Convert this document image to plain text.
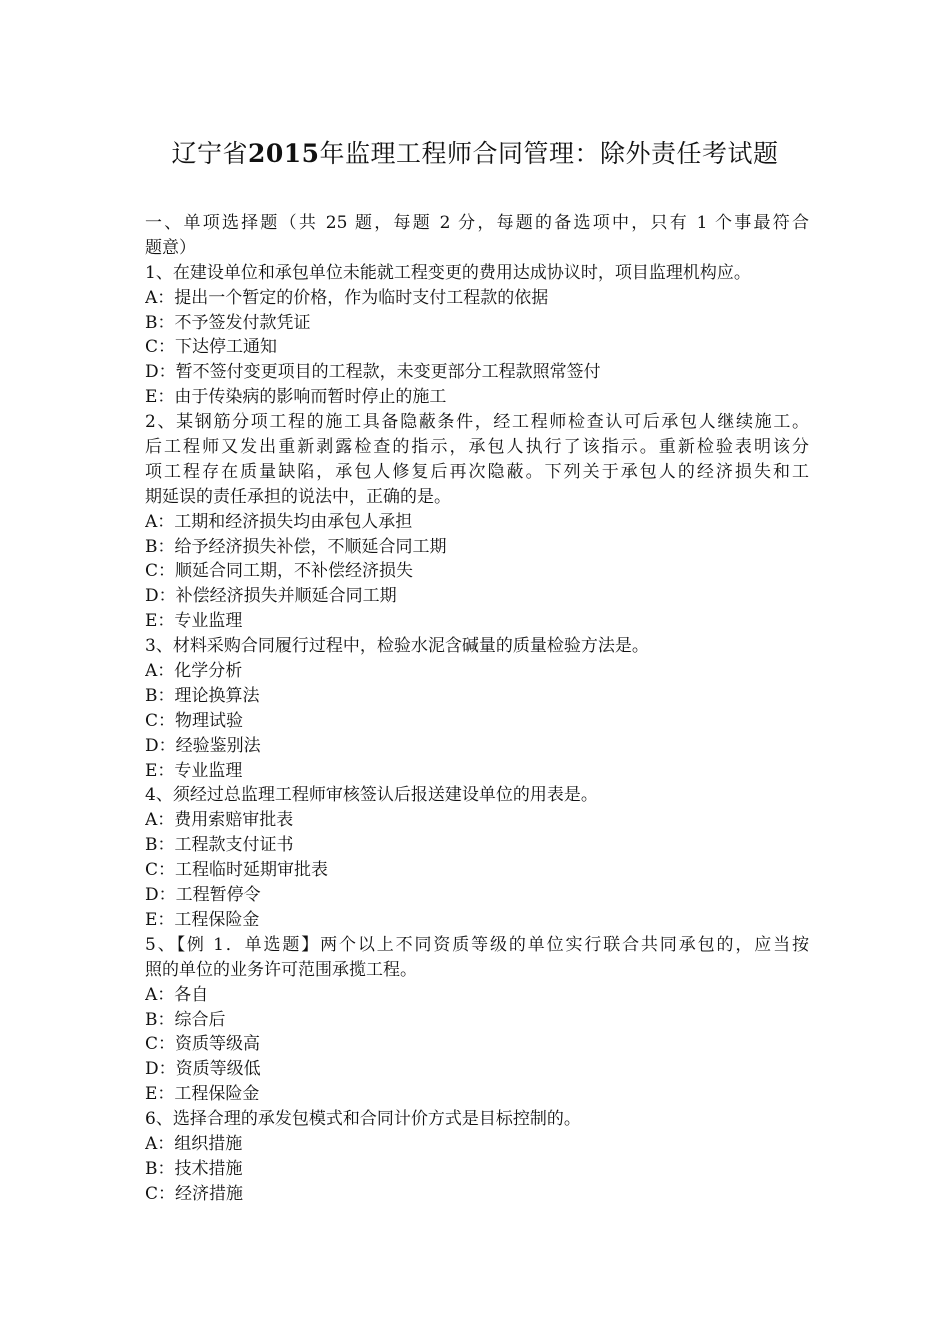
辽宁省2015年监理工程师合同管理：除外责任考试题
一、单项选择题（共 25 题，每题 2 分，每题的备选项中，只有 1 个事最符合
题意）
1、在建设单位和承包单位未能就工程变更的费用达成协议时，项目监理机构应。
A：提出一个暂定的价格，作为临时支付工程款的依据
B：不予签发付款凭证
C：下达停工通知
D：暂不签付变更项目的工程款，未变更部分工程款照常签付
E：由于传染病的影响而暂时停止的施工
2、某钢筋分项工程的施工具备隐蔽条件，经工程师检查认可后承包人继续施工。
后工程师又发出重新剥露检查的指示，承包人执行了该指示。重新检验表明该分
项工程存在质量缺陷，承包人修复后再次隐蔽。下列关于承包人的经济损失和工
期延误的责任承担的说法中，正确的是。
A：工期和经济损失均由承包人承担
B：给予经济损失补偿，不顺延合同工期
C：顺延合同工期，不补偿经济损失
D：补偿经济损失并顺延合同工期
E：专业监理
3、材料采购合同履行过程中，检验水泥含碱量的质量检验方法是。
A：化学分析
B：理论换算法
C：物理试验
D：经验鉴别法
E：专业监理
4、须经过总监理工程师审核签认后报送建设单位的用表是。
A：费用索赔审批表
B：工程款支付证书
C：工程临时延期审批表
D：工程暂停令
E：工程保险金
5、【例 1．单选题】两个以上不同资质等级的单位实行联合共同承包的，应当按
照的单位的业务许可范围承揽工程。
A：各自
B：综合后
C：资质等级高
D：资质等级低
E：工程保险金
6、选择合理的承发包模式和合同计价方式是目标控制的。
A：组织措施
B：技术措施
C：经济措施
